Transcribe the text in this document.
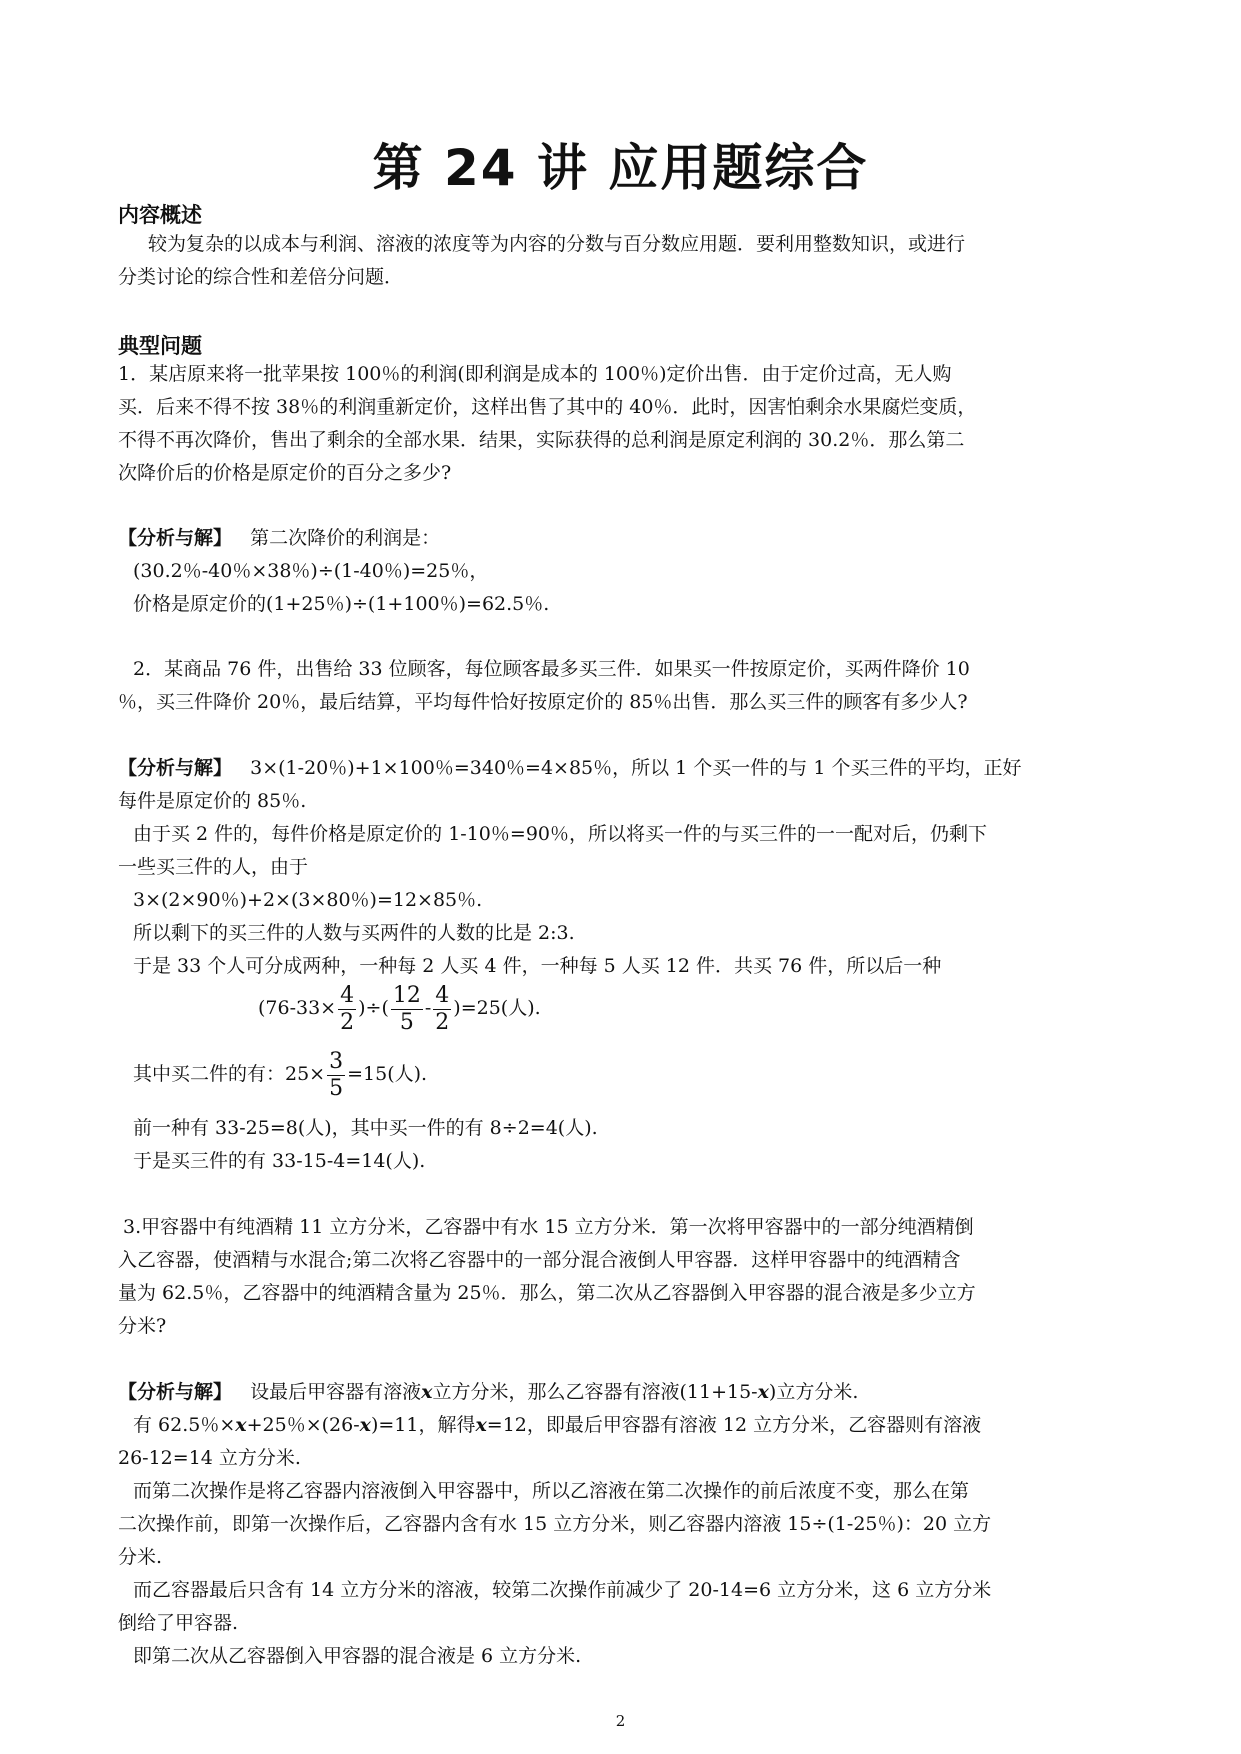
第 24 讲 应用题综合
内容概述
较为复杂的以成本与利润、溶液的浓度等为内容的分数与百分数应用题．要利用整数知识，或进行
分类讨论的综合性和差倍分问题．
典型问题
1．某店原来将一批苹果按 100％的利润(即利润是成本的 100％)定价出售．由于定价过高，无人购
买．后来不得不按 38％的利润重新定价，这样出售了其中的 40％．此时，因害怕剩余水果腐烂变质，
不得不再次降价，售出了剩余的全部水果．结果，实际获得的总利润是原定利润的 30.2％．那么第二
次降价后的价格是原定价的百分之多少?
【分析与解】 第二次降价的利润是：
(30.2％-40％×38％)÷(1-40％)=25％，
价格是原定价的(1+25％)÷(1+100％)=62.5％.
2．某商品 76 件，出售给 33 位顾客，每位顾客最多买三件．如果买一件按原定价，买两件降价 10
％，买三件降价 20％，最后结算，平均每件恰好按原定价的 85％出售．那么买三件的顾客有多少人?
【分析与解】 3×(1-20％)+1×100％=340％=4×85％，所以 1 个买一件的与 1 个买三件的平均，正好
每件是原定价的 85％.
由于买 2 件的，每件价格是原定价的 1-10％=90％，所以将买一件的与买三件的一一配对后，仍剩下
一些买三件的人，由于
3×(2×90％)+2×(3×80％)=12×85％.
所以剩下的买三件的人数与买两件的人数的比是 2:3.
于是 33 个人可分成两种，一种每 2 人买 4 件，一种每 5 人买 12 件．共买 76 件，所以后一种
($76-33\times \frac{4}{2}$ )÷( $\frac{12}{5} - \frac{4}{2} )=25$(人).
其中买二件的有：$25\times \frac{3}{5} =15$(人).
前一种有 33-25=8(人)，其中买一件的有 8÷2=4(人).
于是买三件的有 33-15-4=14(人).
3.甲容器中有纯酒精 11 立方分米，乙容器中有水 15 立方分米．第一次将甲容器中的一部分纯酒精倒
入乙容器，使酒精与水混合;第二次将乙容器中的一部分混合液倒人甲容器．这样甲容器中的纯酒精含
量为 62.5％，乙容器中的纯酒精含量为 25％．那么，第二次从乙容器倒入甲容器的混合液是多少立方
分米?
【分析与解】 设最后甲容器有溶液x立方分米，那么乙容器有溶液(11+15-x)立方分米.
有 62.5％×x+25％×(26-x)=11，解得x=12，即最后甲容器有溶液 12 立方分米，乙容器则有溶液
26-12=14 立方分米.
而第二次操作是将乙容器内溶液倒入甲容器中，所以乙溶液在第二次操作的前后浓度不变，那么在第
二次操作前，即第一次操作后，乙容器内含有水 15 立方分米，则乙容器内溶液 15÷(1-25％)：20 立方
分米.
而乙容器最后只含有 14 立方分米的溶液，较第二次操作前减少了 20-14=6 立方分米，这 6 立方分米
倒给了甲容器.
即第二次从乙容器倒入甲容器的混合液是 6 立方分米.
2
